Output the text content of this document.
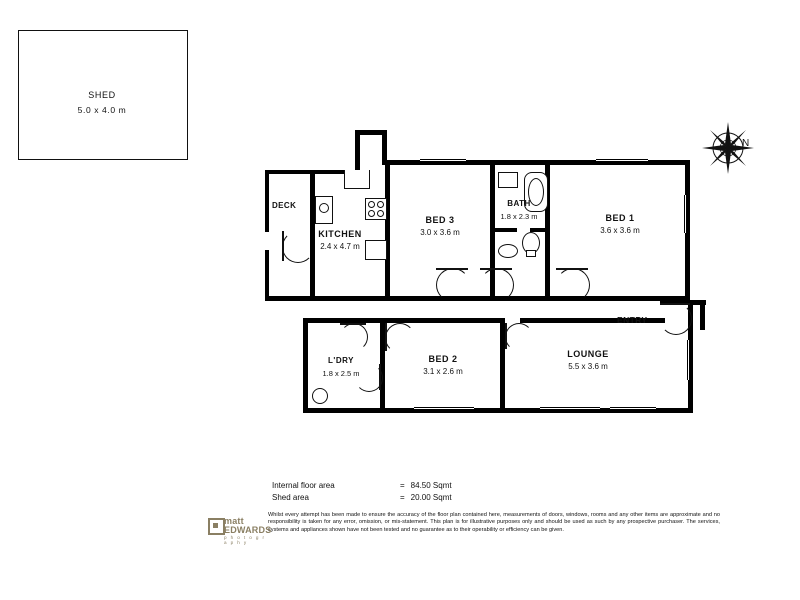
SHED
5.0 x 4.0 m
N
KITCHEN
2.4 x 4.7 m
BED 3
3.0 x 3.6 m
BATH
1.8 x 2.3 m	BED 1
3.6 x 3.6 m
L'DRY
1.8 x 2.5 m
BED 2
3.1 x 2.6 m
LOUNGE
5.5 x 3.6 m
DECK
ENTRY
Internal floor area	=	84.50 Sqmt
Shed area	=	20.00 Sqmt
Whilst every attempt has been made to ensure the accuracy of the floor plan contained here, measurements of doors, windows, rooms and any other items are approximate and no responsibility is taken for any error, omission, or mis-statement. This plan is for illustrative purposes only and should be used as such by any prospective purchaser. The services, systems and appliances shown have not been tested and no guarantee as to their operability or efficiency can be given.
matt
EDWARDS
p h o t o g r a p h y
